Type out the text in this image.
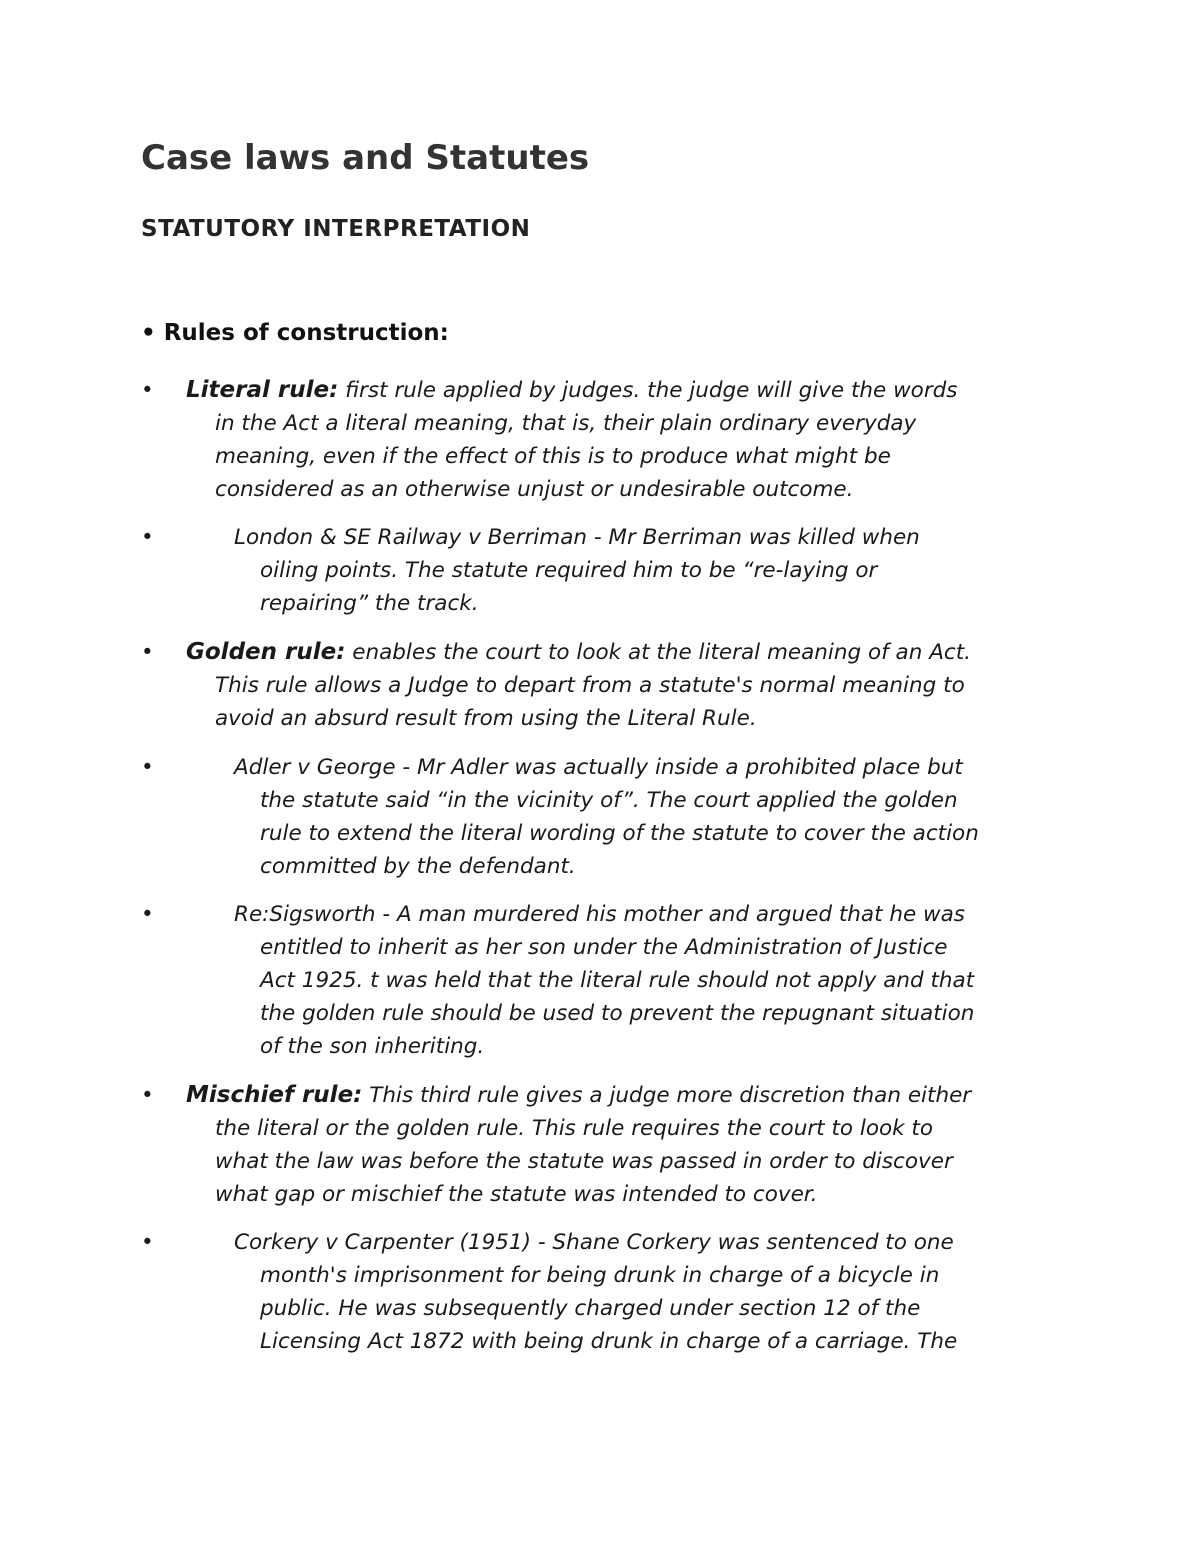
Case laws and Statutes
STATUTORY INTERPRETATION
• Rules of construction:
• Literal rule: first rule applied by judges. the judge will give the words
in the Act a literal meaning, that is, their plain ordinary everyday
meaning, even if the effect of this is to produce what might be
considered as an otherwise unjust or undesirable outcome.
•	London & SE Railway v Berriman - Mr Berriman was killed when
oiling points. The statute required him to be “re-laying or
repairing” the track.
• Golden rule: enables the court to look at the literal meaning of an Act.
This rule allows a Judge to depart from a statute's normal meaning to
avoid an absurd result from using the Literal Rule.
•	Adler v George - Mr Adler was actually inside a prohibited place but
the statute said “in the vicinity of”. The court applied the golden
rule to extend the literal wording of the statute to cover the action
committed by the defendant.
•	Re:Sigsworth - A man murdered his mother and argued that he was
entitled to inherit as her son under the Administration of Justice
Act 1925. t was held that the literal rule should not apply and that
the golden rule should be used to prevent the repugnant situation
of the son inheriting.
• Mischief rule: This third rule gives a judge more discretion than either
the literal or the golden rule. This rule requires the court to look to
what the law was before the statute was passed in order to discover
what gap or mischief the statute was intended to cover.
•	Corkery v Carpenter (1951) - Shane Corkery was sentenced to one
month's imprisonment for being drunk in charge of a bicycle in
public. He was subsequently charged under section 12 of the
Licensing Act 1872 with being drunk in charge of a carriage. The
